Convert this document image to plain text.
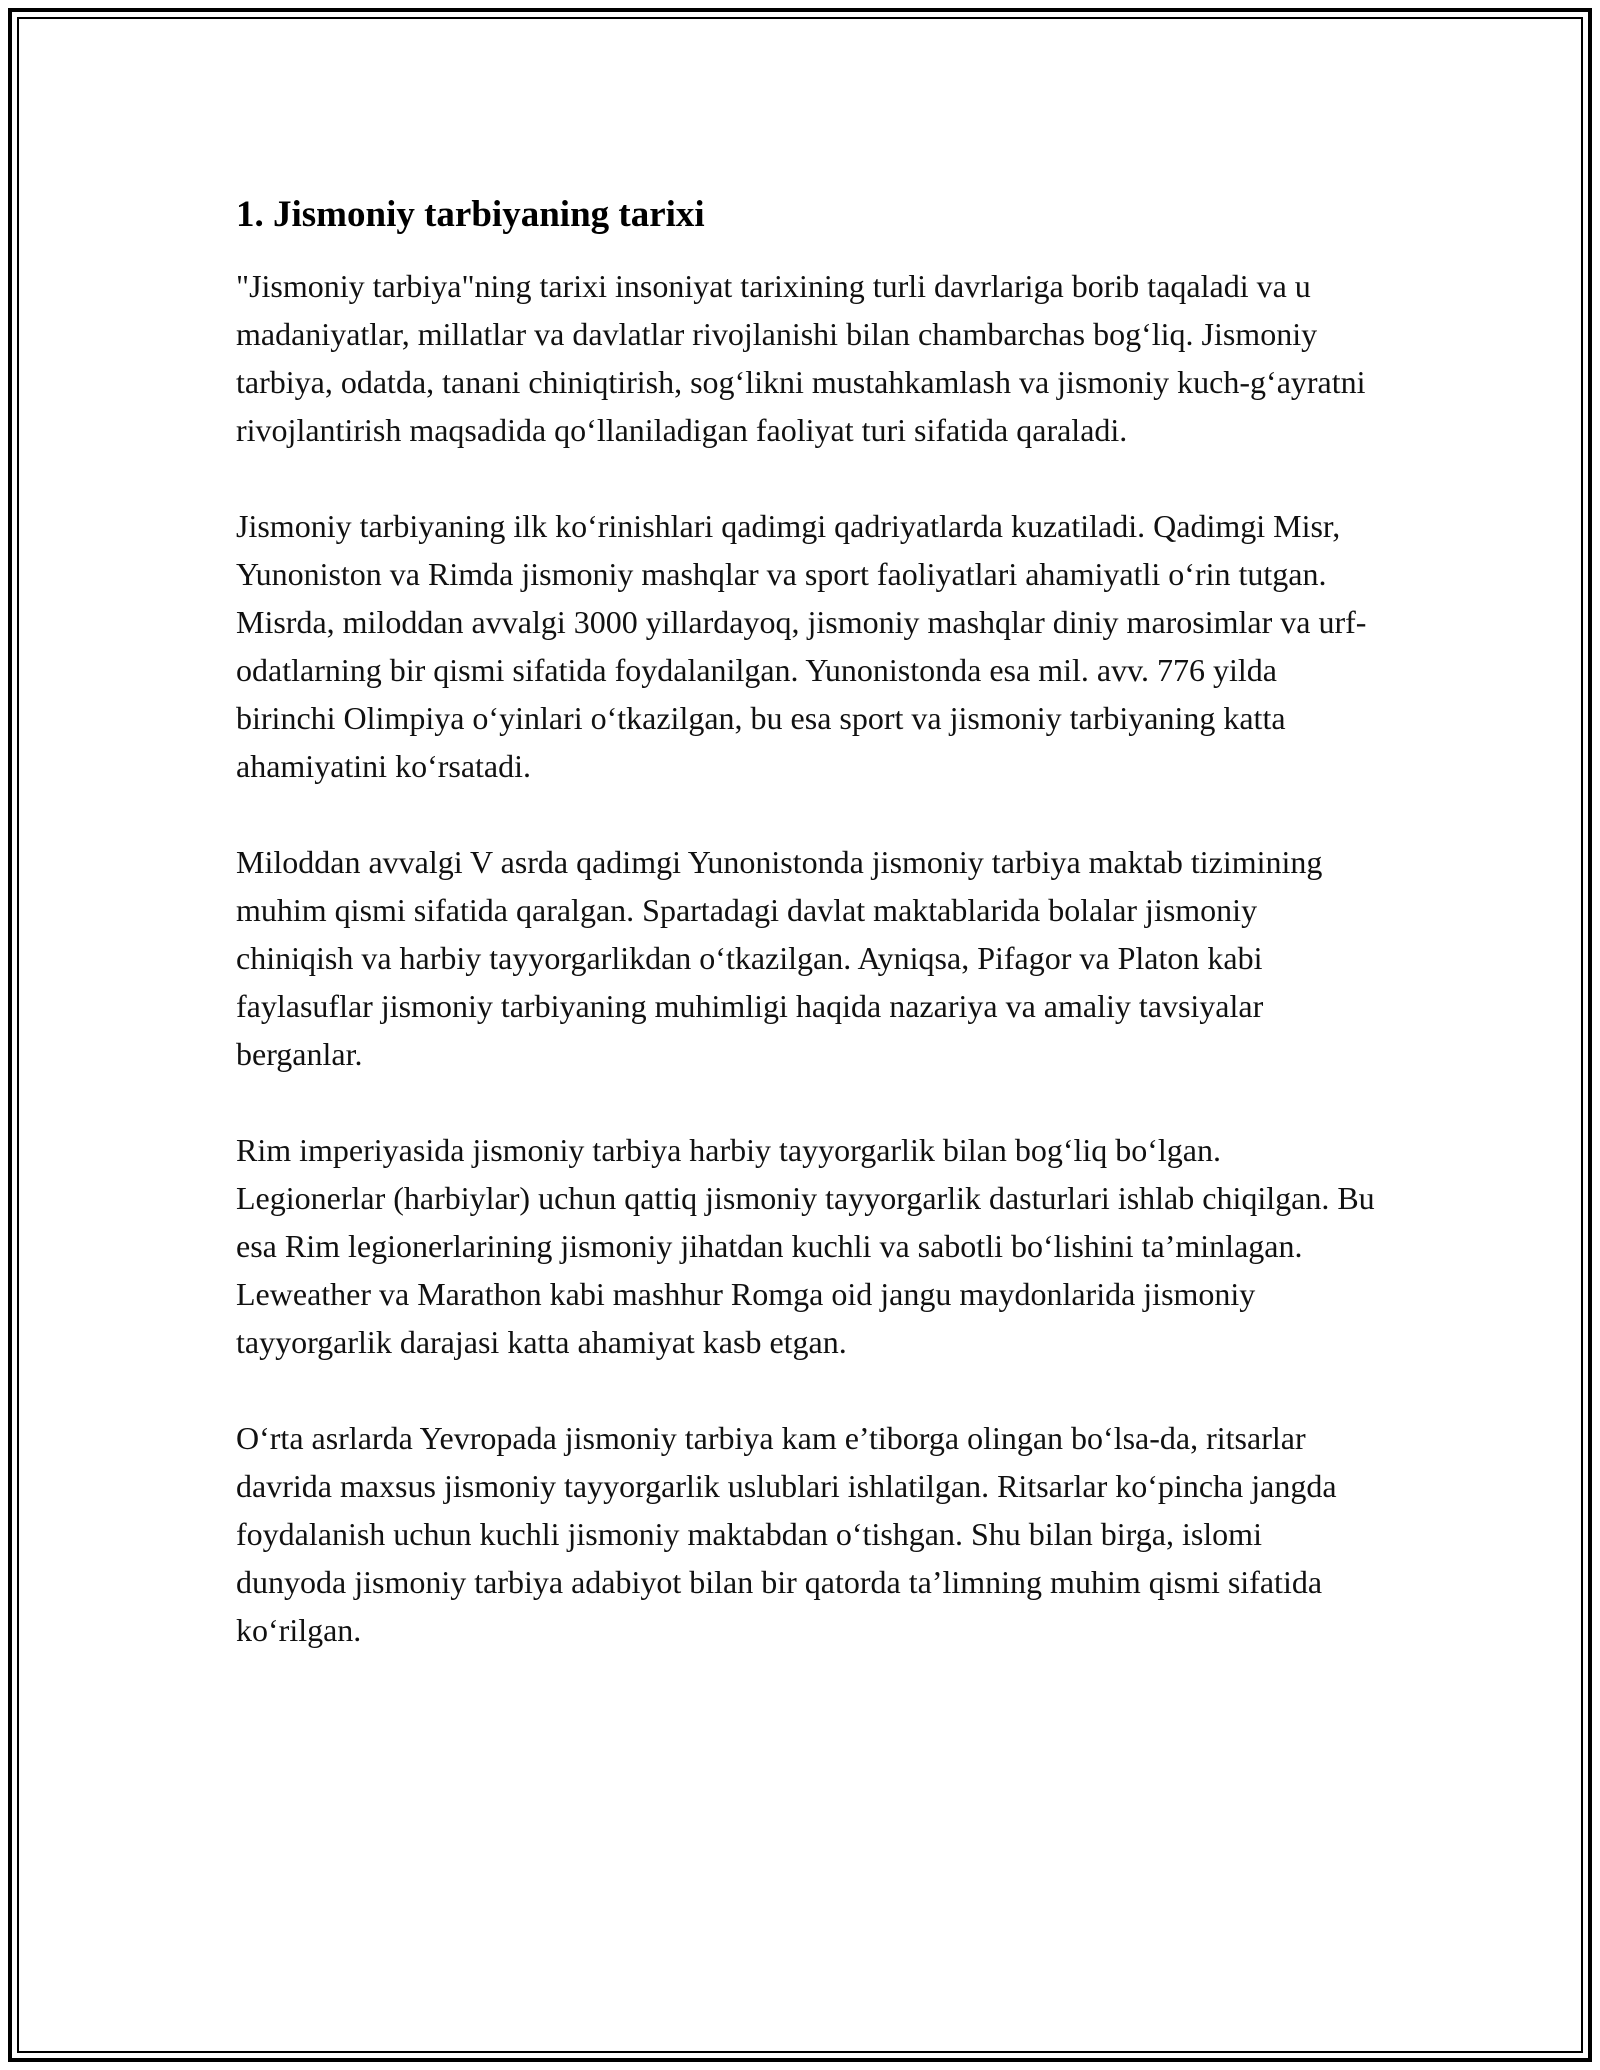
1. Jismoniy tarbiyaning tarixi

"Jismoniy tarbiya"ning tarixi insoniyat tarixining turli davrlariga borib taqaladi va u madaniyatlar, millatlar va davlatlar rivojlanishi bilan chambarchas bog‘liq. Jismoniy tarbiya, odatda, tanani chiniqtirish, sog‘likni mustahkamlash va jismoniy kuch-g‘ayratni rivojlantirish maqsadida qo‘llaniladigan faoliyat turi sifatida qaraladi.

Jismoniy tarbiyaning ilk ko‘rinishlari qadimgi qadriyatlarda kuzatiladi. Qadimgi Misr, Yunoniston va Rimda jismoniy mashqlar va sport faoliyatlari ahamiyatli o‘rin tutgan. Misrda, miloddan avvalgi 3000 yillardayoq, jismoniy mashqlar diniy marosimlar va urf-odatlarning bir qismi sifatida foydalanilgan. Yunonistonda esa mil. avv. 776 yilda birinchi Olimpiya o‘yinlari o‘tkazilgan, bu esa sport va jismoniy tarbiyaning katta ahamiyatini ko‘rsatadi.

Miloddan avvalgi V asrda qadimgi Yunonistonda jismoniy tarbiya maktab tizimining muhim qismi sifatida qaralgan. Spartadagi davlat maktablarida bolalar jismoniy chiniqish va harbiy tayyorgarlikdan o‘tkazilgan. Ayniqsa, Pifagor va Platon kabi faylasuflar jismoniy tarbiyaning muhimligi haqida nazariya va amaliy tavsiyalar berganlar.

Rim imperiyasida jismoniy tarbiya harbiy tayyorgarlik bilan bog‘liq bo‘lgan. Legionerlar (harbiylar) uchun qattiq jismoniy tayyorgarlik dasturlari ishlab chiqilgan. Bu esa Rim legionerlarining jismoniy jihatdan kuchli va sabotli bo‘lishini ta’minlagan. Leweather va Marathon kabi mashhur Romga oid jangu maydonlarida jismoniy tayyorgarlik darajasi katta ahamiyat kasb etgan.

O‘rta asrlarda Yevropada jismoniy tarbiya kam e’tiborga olingan bo‘lsa-da, ritsarlar davrida maxsus jismoniy tayyorgarlik uslublari ishlatilgan. Ritsarlar ko‘pincha jangda foydalanish uchun kuchli jismoniy maktabdan o‘tishgan. Shu bilan birga, islomi dunyoda jismoniy tarbiya adabiyot bilan bir qatorda ta’limning muhim qismi sifatida ko‘rilgan.
